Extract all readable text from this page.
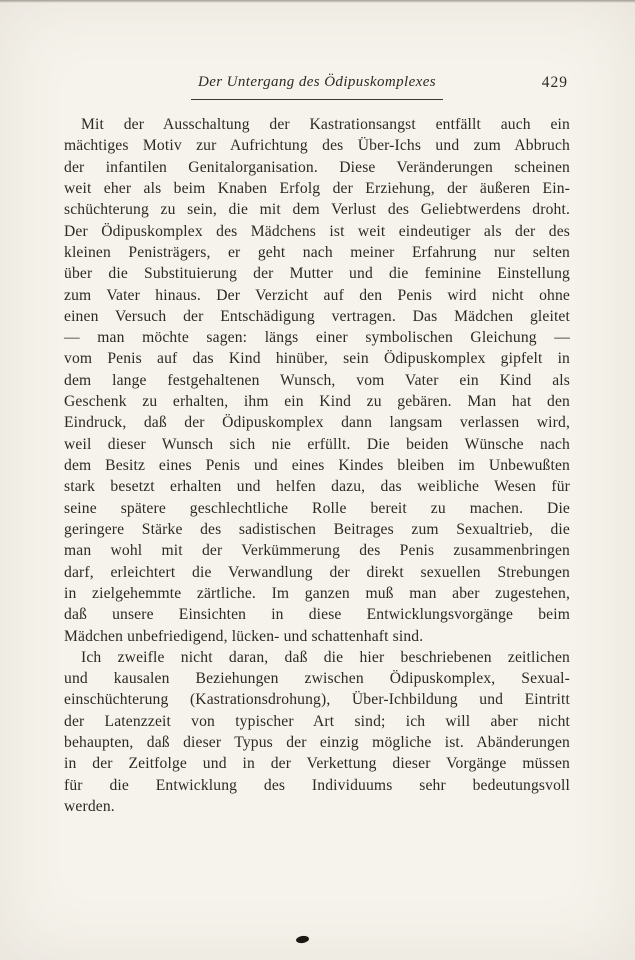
Der Untergang des Ödipuskomplexes	429
Mit der Ausschaltung der Kastrationsangst entfällt auch ein
mächtiges Motiv zur Aufrichtung des Über-Ichs und zum Abbruch
der infantilen Genitalorganisation. Diese Veränderungen scheinen
weit eher als beim Knaben Erfolg der Erziehung, der äußeren Ein-
schüchterung zu sein, die mit dem Verlust des Geliebtwerdens droht.
Der Ödipuskomplex des Mädchens ist weit eindeutiger als der des
kleinen Penisträgers, er geht nach meiner Erfahrung nur selten
über die Substituierung der Mutter und die feminine Einstellung
zum Vater hinaus. Der Verzicht auf den Penis wird nicht ohne
einen Versuch der Entschädigung vertragen. Das Mädchen gleitet
— man möchte sagen: längs einer symbolischen Gleichung —
vom Penis auf das Kind hinüber, sein Ödipuskomplex gipfelt in
dem lange festgehaltenen Wunsch, vom Vater ein Kind als
Geschenk zu erhalten, ihm ein Kind zu gebären. Man hat den
Eindruck, daß der Ödipuskomplex dann langsam verlassen wird,
weil dieser Wunsch sich nie erfüllt. Die beiden Wünsche nach
dem Besitz eines Penis und eines Kindes bleiben im Unbewußten
stark besetzt erhalten und helfen dazu, das weibliche Wesen für
seine spätere geschlechtliche Rolle bereit zu machen. Die
geringere Stärke des sadistischen Beitrages zum Sexualtrieb, die
man wohl mit der Verkümmerung des Penis zusammenbringen
darf, erleichtert die Verwandlung der direkt sexuellen Strebungen
in zielgehemmte zärtliche. Im ganzen muß man aber zugestehen,
daß unsere Einsichten in diese Entwicklungsvorgänge beim
Mädchen unbefriedigend, lücken- und schattenhaft sind.
Ich zweifle nicht daran, daß die hier beschriebenen zeitlichen
und kausalen Beziehungen zwischen Ödipuskomplex, Sexual-
einschüchterung (Kastrationsdrohung), Über-Ichbildung und Eintritt
der Latenzzeit von typischer Art sind; ich will aber nicht
behaupten, daß dieser Typus der einzig mögliche ist. Abänderungen
in der Zeitfolge und in der Verkettung dieser Vorgänge müssen
für die Entwicklung des Individuums sehr bedeutungsvoll
werden.
